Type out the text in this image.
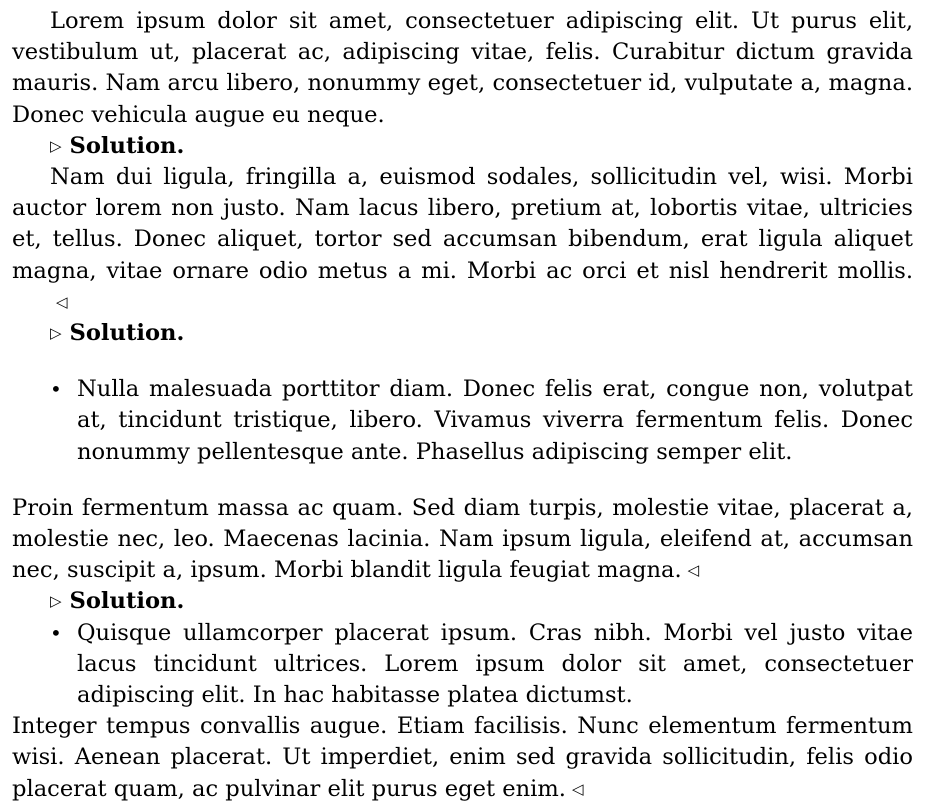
Lorem ipsum dolor sit amet, consectetuer adipiscing elit. Ut purus elit, vestibulum ut, placerat ac, adipiscing vitae, felis. Curabitur dictum gravida mauris. Nam arcu libero, nonummy eget, consectetuer id, vulputate a, magna. Donec vehicula augue eu neque.

▷ Solution.

Nam dui ligula, fringilla a, euismod sodales, sollicitudin vel, wisi. Morbi auctor lorem non justo. Nam lacus libero, pretium at, lobortis vitae, ultricies et, tellus. Donec aliquet, tortor sed accumsan bibendum, erat ligula aliquet magna, vitae ornare odio metus a mi. Morbi ac orci et nisl hendrerit mollis.◁

▷ Solution.

• Nulla malesuada porttitor diam. Donec felis erat, congue non, volutpat at, tincidunt tristique, libero. Vivamus viverra fermentum felis. Donec nonummy pellentesque ante. Phasellus adipiscing semper elit.

Proin fermentum massa ac quam. Sed diam turpis, molestie vitae, placerat a, molestie nec, leo. Maecenas lacinia. Nam ipsum ligula, eleifend at, accumsan nec, suscipit a, ipsum. Morbi blandit ligula feugiat magna. ◁

▷ Solution.

• Quisque ullamcorper placerat ipsum. Cras nibh. Morbi vel justo vitae lacus tincidunt ultrices. Lorem ipsum dolor sit amet, consectetuer adipiscing elit. In hac habitasse platea dictumst.

Integer tempus convallis augue. Etiam facilisis. Nunc elementum fermentum wisi. Aenean placerat. Ut imperdiet, enim sed gravida sollicitudin, felis odio placerat quam, ac pulvinar elit purus eget enim. ◁
